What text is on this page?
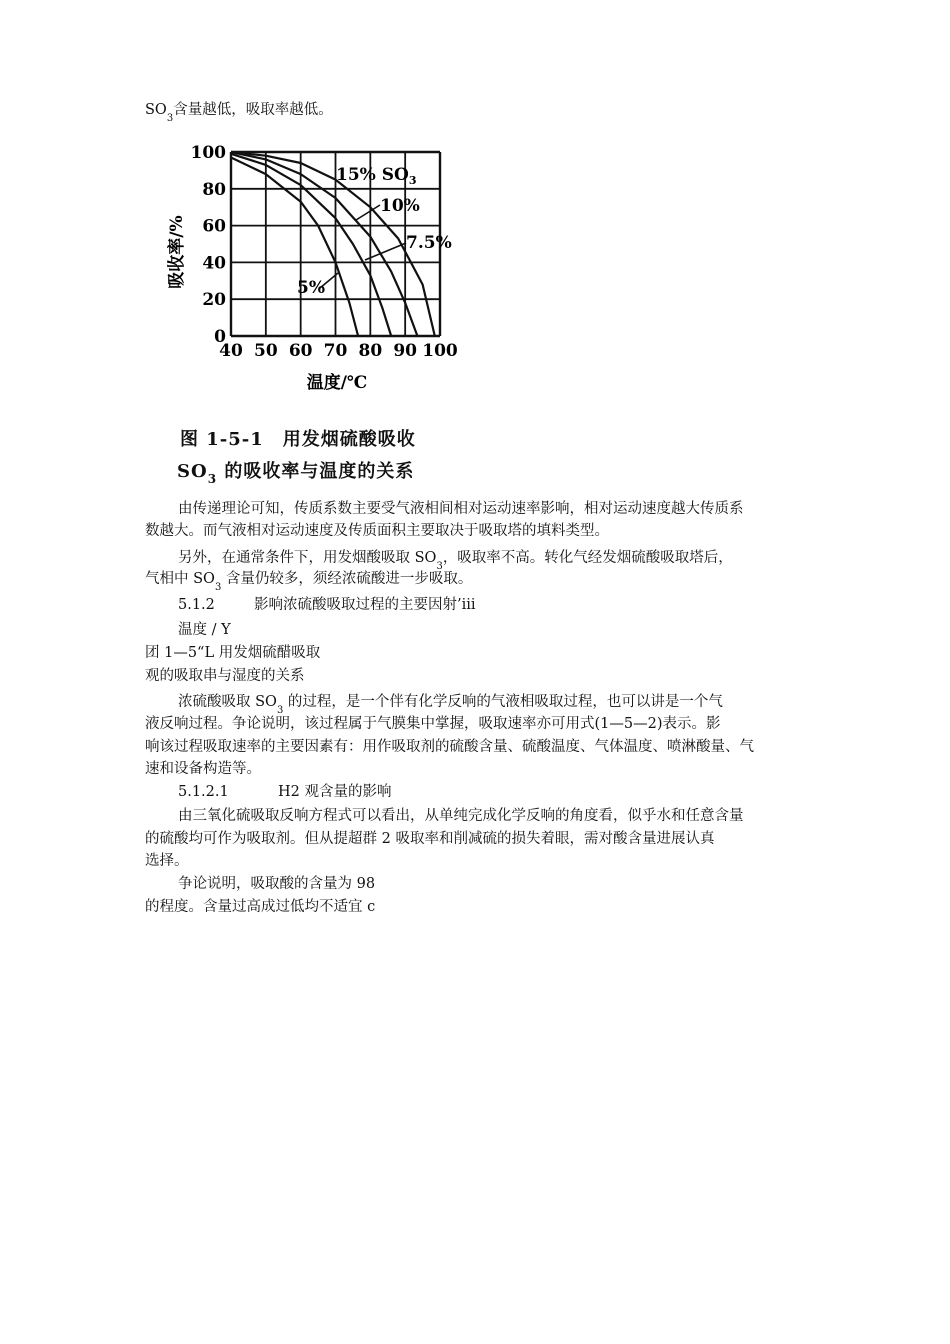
$SO_3$含量越低，吸取率越低。
100
80
60
40
20
0
40 50 60 70 80 90 100
吸收率/%
温度/℃
15% $SO_3$
10%
7.5%
5%
图 1-5-1　用发烟硫酸吸收
$SO_3$ 的吸收率与温度的关系
由传递理论可知，传质系数主要受气液相间相对运动速率影响，相对运动速度越大传质系
数越大。而气液相对运动速度及传质面积主要取决于吸取塔的填料类型。
另外，在通常条件下，用发烟酸吸取 $SO_3$，吸取率不高。转化气经发烟硫酸吸取塔后，
气相中 $SO_3$ 含量仍较多，须经浓硫酸进一步吸取。
5.1.2	影响浓硫酸吸取过程的主要因射’iii
温度 / Y
团 1—5“L 用发烟硫醋吸取
观的吸取串与湿度的关系
浓硫酸吸取 $SO_3$ 的过程，是一个伴有化学反响的气液相吸取过程，也可以讲是一个气
液反响过程。争论说明，该过程属于气膜集中掌握，吸取速率亦可用式(1—5—2)表示。影
响该过程吸取速率的主要因素有：用作吸取剂的硫酸含量、硫酸温度、气体温度、喷淋酸量、气
速和设备构造等。
5.1.2.1	H2 观含量的影响
由三氧化硫吸取反响方程式可以看出，从单纯完成化学反响的角度看，似乎水和任意含量
的硫酸均可作为吸取剂。但从提超群 2 吸取率和削减硫的损失着眼，需对酸含量进展认真
选择。
争论说明，吸取酸的含量为 98
的程度。含量过高成过低均不适宜 c
